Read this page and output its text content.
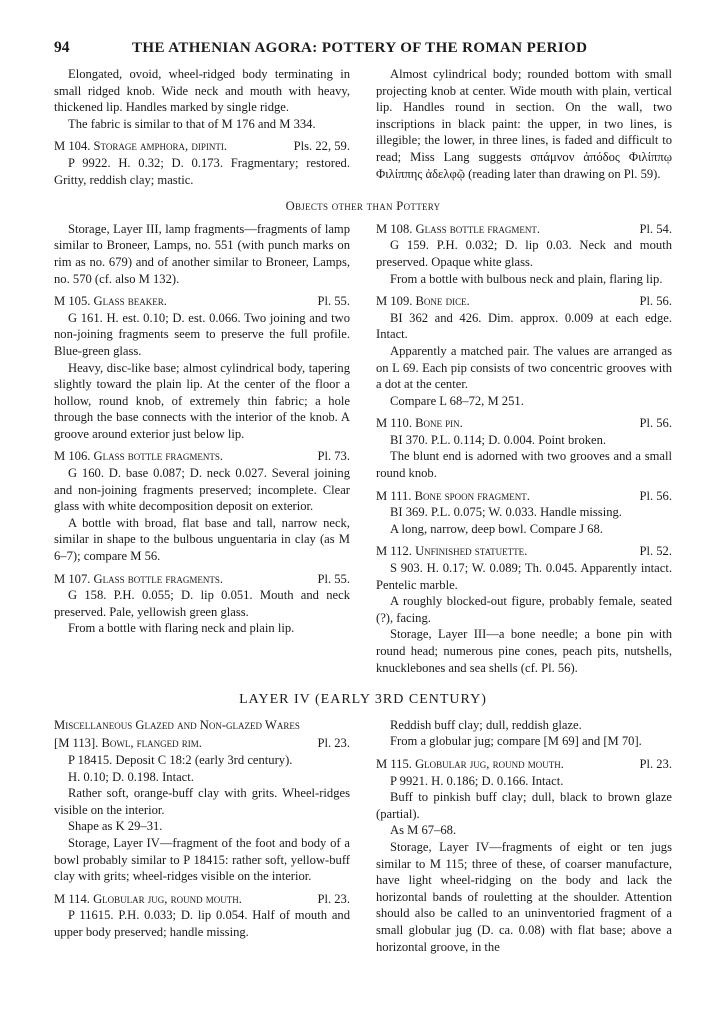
94	THE ATHENIAN AGORA: POTTERY OF THE ROMAN PERIOD

Elongated, ovoid, wheel-ridged body terminating in small ridged knob. Wide neck and mouth with heavy, thickened lip. Handles marked by single ridge.

The fabric is similar to that of M 176 and M 334.

M 104. Storage amphora, dipinti.	Pls. 22, 59.

P 9922. H. 0.32; D. 0.173. Fragmentary; restored. Gritty, reddish clay; mastic.

Almost cylindrical body; rounded bottom with small projecting knob at center. Wide mouth with plain, vertical lip. Handles round in section. On the wall, two inscriptions in black paint: the upper, in two lines, is illegible; the lower, in three lines, is faded and difficult to read; Miss Lang suggests σπάμνον ἀπόδος Φιλίππῳ Φιλίππης ἀδελφῷ (reading later than drawing on Pl. 59).

Objects other than Pottery

Storage, Layer III, lamp fragments—fragments of lamp similar to Broneer, Lamps, no. 551 (with punch marks on rim as no. 679) and of another similar to Broneer, Lamps, no. 570 (cf. also M 132).

M 105. Glass beaker.	Pl. 55.

G 161. H. est. 0.10; D. est. 0.066. Two joining and two non-joining fragments seem to preserve the full profile. Blue-green glass.

Heavy, disc-like base; almost cylindrical body, tapering slightly toward the plain lip. At the center of the floor a hollow, round knob, of extremely thin fabric; a hole through the base connects with the interior of the knob. A groove around exterior just below lip.

M 106. Glass bottle fragments.	Pl. 73.

G 160. D. base 0.087; D. neck 0.027. Several joining and non-joining fragments preserved; incomplete. Clear glass with white decomposition deposit on exterior.

A bottle with broad, flat base and tall, narrow neck, similar in shape to the bulbous unguentaria in clay (as M 6–7); compare M 56.

M 107. Glass bottle fragments.	Pl. 55.

G 158. P.H. 0.055; D. lip 0.051. Mouth and neck preserved. Pale, yellowish green glass.

From a bottle with flaring neck and plain lip.

M 108. Glass bottle fragment.	Pl. 54.

G 159. P.H. 0.032; D. lip 0.03. Neck and mouth preserved. Opaque white glass.

From a bottle with bulbous neck and plain, flaring lip.

M 109. Bone dice.	Pl. 56.

BI 362 and 426. Dim. approx. 0.009 at each edge. Intact.

Apparently a matched pair. The values are arranged as on L 69. Each pip consists of two concentric grooves with a dot at the center.

Compare L 68–72, M 251.

M 110. Bone pin.	Pl. 56.

BI 370. P.L. 0.114; D. 0.004. Point broken.

The blunt end is adorned with two grooves and a small round knob.

M 111. Bone spoon fragment.	Pl. 56.

BI 369. P.L. 0.075; W. 0.033. Handle missing.

A long, narrow, deep bowl. Compare J 68.

M 112. Unfinished statuette.	Pl. 52.

S 903. H. 0.17; W. 0.089; Th. 0.045. Apparently intact. Pentelic marble.

A roughly blocked-out figure, probably female, seated (?), facing.

Storage, Layer III—a bone needle; a bone pin with round head; numerous pine cones, peach pits, nutshells, knucklebones and sea shells (cf. Pl. 56).

LAYER IV (EARLY 3RD CENTURY)
Miscellaneous Glazed and Non-glazed Wares
[M 113]. Bowl, flanged rim.	Pl. 23.

P 18415. Deposit C 18:2 (early 3rd century).

H. 0.10; D. 0.198. Intact.

Rather soft, orange-buff clay with grits. Wheel-ridges visible on the interior.

Shape as K 29–31.

Storage, Layer IV—fragment of the foot and body of a bowl probably similar to P 18415: rather soft, yellow-buff clay with grits; wheel-ridges visible on the interior.

M 114. Globular jug, round mouth.	Pl. 23.

P 11615. P.H. 0.033; D. lip 0.054. Half of mouth and upper body preserved; handle missing.

Reddish buff clay; dull, reddish glaze.

From a globular jug; compare [M 69] and [M 70].

M 115. Globular jug, round mouth.	Pl. 23.

P 9921. H. 0.186; D. 0.166. Intact.

Buff to pinkish buff clay; dull, black to brown glaze (partial).

As M 67–68.

Storage, Layer IV—fragments of eight or ten jugs similar to M 115; three of these, of coarser manufacture, have light wheel-ridging on the body and lack the horizontal bands of rouletting at the shoulder. Attention should also be called to an uninventoried fragment of a small globular jug (D. ca. 0.08) with flat base; above a horizontal groove, in the
